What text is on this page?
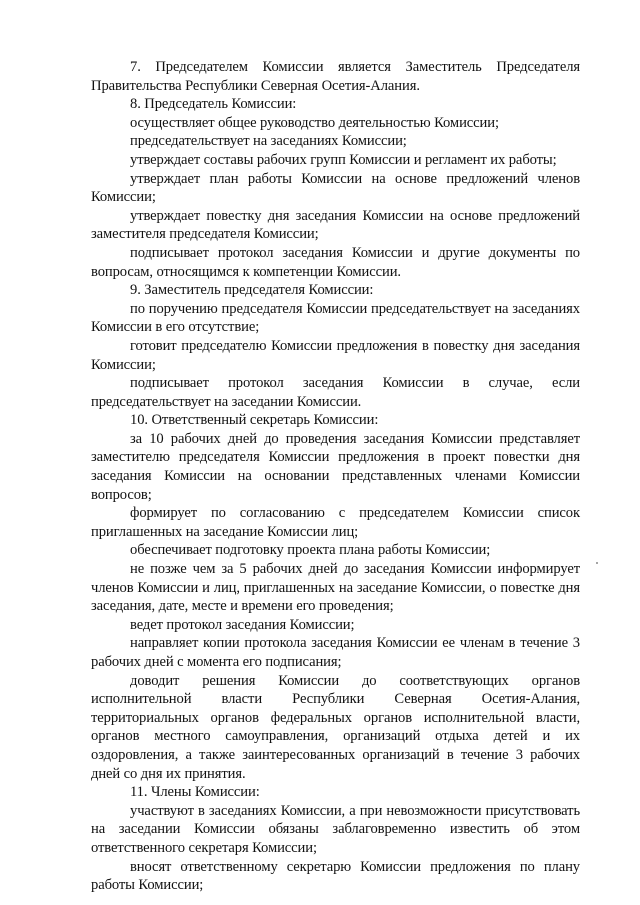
7. Председателем Комиссии является Заместитель Председателя Правительства Республики Северная Осетия-Алания.

8. Председатель Комиссии:

осуществляет общее руководство деятельностью Комиссии;

председательствует на заседаниях Комиссии;

утверждает составы рабочих групп Комиссии и регламент их работы;

утверждает план работы Комиссии на основе предложений членов Комиссии;

утверждает повестку дня заседания Комиссии на основе предложений заместителя председателя Комиссии;

подписывает протокол заседания Комиссии и другие документы по вопросам, относящимся к компетенции Комиссии.

9. Заместитель председателя Комиссии:

по поручению председателя Комиссии председательствует на заседаниях Комиссии в его отсутствие;

готовит председателю Комиссии предложения в повестку дня заседания Комиссии;

подписывает протокол заседания Комиссии в случае, если председательствует на заседании Комиссии.

10. Ответственный секретарь Комиссии:

за 10 рабочих дней до проведения заседания Комиссии представляет заместителю председателя Комиссии предложения в проект повестки дня заседания Комиссии на основании представленных членами Комиссии вопросов;

формирует по согласованию с председателем Комиссии список приглашенных на заседание Комиссии лиц;

обеспечивает подготовку проекта плана работы Комиссии;

не позже чем за 5 рабочих дней до заседания Комиссии информирует членов Комиссии и лиц, приглашенных на заседание Комиссии, о повестке дня заседания, дате, месте и времени его проведения;

ведет протокол заседания Комиссии;

направляет копии протокола заседания Комиссии ее членам в течение 3 рабочих дней с момента его подписания;

доводит решения Комиссии до соответствующих органов исполнительной власти Республики Северная Осетия-Алания, территориальных органов федеральных органов исполнительной власти, органов местного самоуправления, организаций отдыха детей и их оздоровления, а также заинтересованных организаций в течение 3 рабочих дней со дня их принятия.

11. Члены Комиссии:

участвуют в заседаниях Комиссии, а при невозможности присутствовать на заседании Комиссии обязаны заблаговременно известить об этом ответственного секретаря Комиссии;

вносят ответственному секретарю Комиссии предложения по плану работы Комиссии;
